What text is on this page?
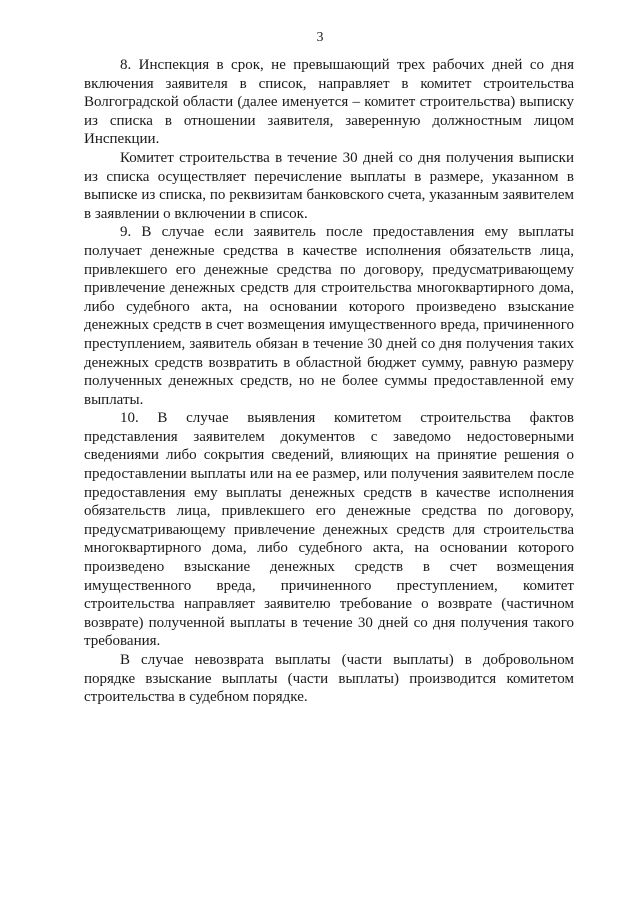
3

8. Инспекция в срок, не превышающий трех рабочих дней со дня включения заявителя в список, направляет в комитет строительства Волгоградской области (далее именуется – комитет строительства) выписку из списка в отношении заявителя, заверенную должностным лицом Инспекции.

Комитет строительства в течение 30 дней со дня получения выписки из списка осуществляет перечисление выплаты в размере, указанном в выписке из списка, по реквизитам банковского счета, указанным заявителем в заявлении о включении в список.

9. В случае если заявитель после предоставления ему выплаты получает денежные средства в качестве исполнения обязательств лица, привлекшего его денежные средства по договору, предусматривающему привлечение денежных средств для строительства многоквартирного дома, либо судебного акта, на основании которого произведено взыскание денежных средств в счет возмещения имущественного вреда, причиненного преступлением, заявитель обязан в течение 30 дней со дня получения таких денежных средств возвратить в областной бюджет сумму, равную размеру полученных денежных средств, но не более суммы предоставленной ему выплаты.

10. В случае выявления комитетом строительства фактов представления заявителем документов с заведомо недостоверными сведениями либо сокрытия сведений, влияющих на принятие решения о предоставлении выплаты или на ее размер, или получения заявителем после предоставления ему выплаты денежных средств в качестве исполнения обязательств лица, привлекшего его денежные средства по договору, предусматривающему привлечение денежных средств для строительства многоквартирного дома, либо судебного акта, на основании которого произведено взыскание денежных средств в счет возмещения имущественного вреда, причиненного преступлением, комитет строительства направляет заявителю требование о возврате (частичном возврате) полученной выплаты в течение 30 дней со дня получения такого требования.

В случае невозврата выплаты (части выплаты) в добровольном порядке взыскание выплаты (части выплаты) производится комитетом строительства в судебном порядке.
